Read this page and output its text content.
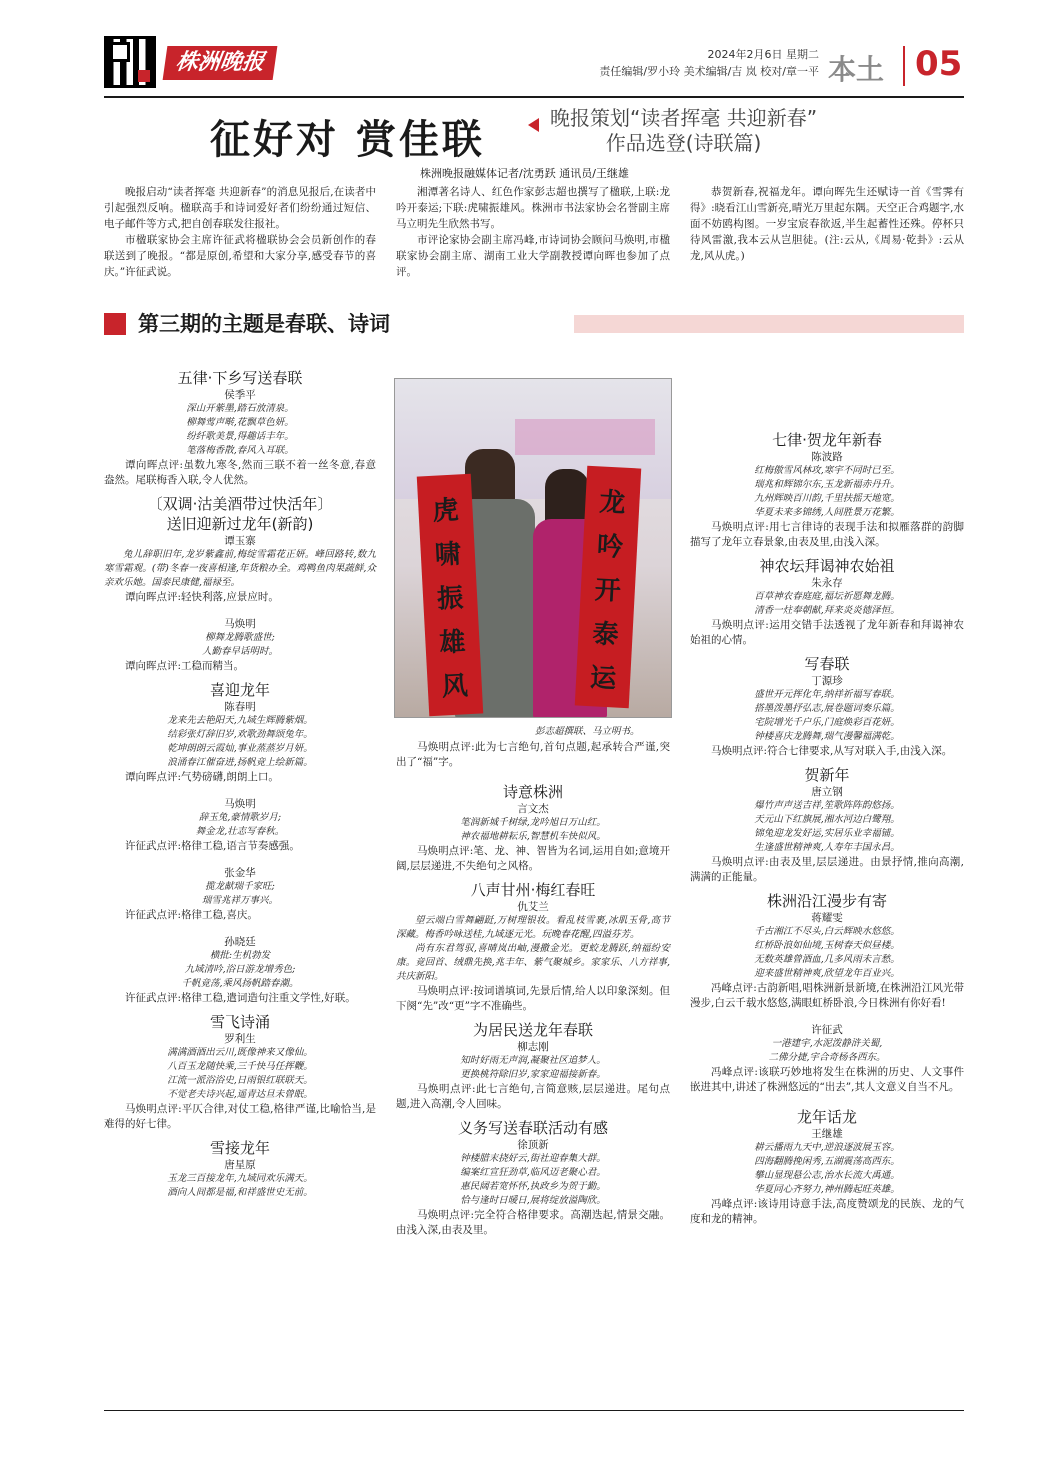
株洲晚报	2024年2月6日 星期二
责任编辑/罗小玲 美术编辑/吉 岚 校对/章一平 本土 05
征好对 赏佳联	晚报策划“读者挥毫 共迎新春”
作品选登(诗联篇)
株洲晚报融媒体记者/沈勇跃 通讯员/王继雄

晚报启动“读者挥毫 共迎新春”的消息见报后,在读者中引起强烈反响。楹联高手和诗词爱好者们纷纷通过短信、电子邮件等方式,把自创春联发往报社。

市楹联家协会主席许征武将楹联协会会员新创作的春联送到了晚报。“都是原创,希望和大家分享,感受春节的喜庆。”许征武说。

湘潭著名诗人、红色作家彭志超也撰写了楹联,上联:龙吟开泰运;下联:虎啸振雄风。株洲市书法家协会名誉副主席马立明先生欣然书写。

市评论家协会副主席冯峰,市诗词协会顾问马焕明,市楹联家协会副主席、湖南工业大学副教授谭向晖也参加了点评。

恭贺新春,祝福龙年。谭向晖先生还赋诗一首《雪霁有得》:晓看江山雪新亮,晴光万里起东隅。天空正合鸡题字,水面不妨鸥构图。一岁宝宸春欲返,半生起蓄性还殊。停杯只待风雷激,我本云从岂胆徒。(注:云从,《周易·乾卦》:云从龙,风从虎。)

第三期的主题是春联、诗词
五律·下乡写送春联
侯季平
深山开紫墨,踏石放清泉。
柳舞莺声啭,花飘草色妍。
纷纤歌美景,得趣话丰年。
笔落梅香散,春风入耳联。
谭向晖点评:虽数九寒冬,然而三联不着一丝冬意,春意盎然。尾联梅香入联,令人优然。
〔双调·沽美酒带过快活年〕
送旧迎新过龙年(新韵)
谭玉寨
兔儿辞职旧年,龙岁紫鑫前,梅绽雪霜花正妍。峰回路转,数九寒雪霜观。(带)冬春一夜喜相逢,年货粮办全。鸡鸭鱼肉果蔬鲜,众亲欢乐她。国泰民康健,福禄至。
谭向晖点评:轻快利落,应景应时。
马焕明
柳舞龙腾歌盛世;
人勤春早话明时。
谭向晖点评:工稳而精当。
喜迎龙年
陈春明
龙来先去艳阳天,九域生辉腾紫烟。
结彩张灯辞旧岁,欢歌劲舞颂兔年。
乾坤朗朗云霞灿,事业蒸蒸岁月妍。
浪涌春江催奋进,扬帆竞上绘新篇。
谭向晖点评:气势磅礴,朗朗上口。
马焕明
辞玉兔,豪情歌岁月;
舞金龙,壮志写春秋。
许征武点评:格律工稳,语言节奏感强。
张金华
揽龙献瑞千家旺;
瑞雪兆祥万事兴。
许征武点评:格律工稳,喜庆。
孙晓廷
横批:生机勃发
九域清吟,浴日游龙增秀色;
千帆竞荡,乘风扬帆踏春潮。
许征武点评:格律工稳,遣词造句注重文学性,好联。
雪飞诗涌
罗利生
满满酒酒出云川,既像神来又像仙。
八百玉龙随快乘,三千快马任挥鞭。
江流一派浴浴史,日雨银红联联天。
不觉老夫诗兴起,遥青达旦未曾眠。
马焕明点评:平仄合律,对仗工稳,格律严谨,比喻恰当,是难得的好七律。
雪接龙年
唐星原
玉龙三百接龙年,九域同欢乐满天。
酒向人间都是福,和祥盛世史无前。
虎
啸
振
雄
风
龙
吟
开
泰
运
彭志超撰联、马立明书。
马焕明点评:此为七言绝句,首句点题,起承转合严谨,突出了“福”字。
诗意株洲
言文杰
笔润新城千树绿,龙吟旭日万山红。
神农福地耕耘乐,智慧机车快似风。
马焕明点评:笔、龙、神、智皆为名词,运用自如;意境开阔,层层递进,不失绝句之风格。
八声甘州·梅红春旺
仇艾兰
望云端白雪舞翩跹,万树理银妆。看乱枝雪裹,冰肌玉骨,高节深藏。梅香吟咏送桂,九域逐元光。玩晚春花醒,四溢芬芳。
尚有东君驾驭,喜晴岚出岫,漫撒金光。更蛟龙腾跃,纳福纷安康。竞回首、绒鼎先换,兆丰年、紫气聚城乡。家家乐、八方祥事,共庆新阳。
马焕明点评:按词谱填词,先景后情,给人以印象深刻。但下阕“先”改“更”字不准确些。
为居民送龙年春联
柳志刚
知时好雨无声润,凝聚社区追梦人。
更换桃符除旧岁,家家迎福接新春。
马焕明点评:此七言绝句,言简意赅,层层递进。尾句点题,进入高潮,令人回味。
义务写送春联活动有感
徐顶新
钟楼腊末挠好云,街社迎春集大群。
编案红宣狂劲草,临风迈老聚心君。
惠民阔若宽怀怀,执政乡为贺于勤。
恰与逢时日暖日,展将绽放溢陶欣。
马焕明点评:完全符合格律要求。高潮迭起,情景交融。由浅入深,由表及里。
七律·贺龙年新春
陈波路
红梅傲雪风林攻,寒宇不同时已至。
瑞兆和辉锦尔东,玉龙新福赤丹升。
九州辉映百川韵,千里扶摇天地宽。
华夏未来多锦绣,人间胜景万花繁。
马焕明点评:用七言律诗的表现手法和拟雁落群的韵脚描写了龙年立春景象,由表及里,由浅入深。
神农坛拜谒神农始祖
朱永存
百草神农春庭庭,福坛祈愿舞龙腾。
清香一炷奉朝献,拜来炎炎德泽恒。
马焕明点评:运用交错手法透视了龙年新春和拜谒神农始祖的心情。
写春联
丁源珍
盛世开元挥化年,纳祥祈福写春联。
搭墨泼墨抒弘志,展卷题词奏乐篇。
宅院增光千户乐,门庭焕彩百花妍。
钟楼喜庆龙腾舞,瑞气漫馨福满乾。
马焕明点评:符合七律要求,从写对联入手,由浅入深。
贺新年
唐立钢
爆竹声声送吉祥,笙歌阵阵韵悠扬。
天元山下红旗展,湘水河边白鹭翔。
锦兔迎龙发好运,实居乐业幸福铺。
生逢盛世精神爽,人寿年丰国永昌。
马焕明点评:由表及里,层层递进。由景抒情,推向高潮,满满的正能量。
株洲沿江漫步有寄
蒋耀雯
千古湘江不尽头,白云辉映水悠悠。
红桥卧浪如仙境,玉树春天似昼楼。
无数英雄曾酒血,几多风雨未言愁。
迎来盛世精神爽,欣望龙年百业兴。
冯峰点评:古韵新唱,唱株洲新景新境,在株洲沿江风光带漫步,白云千载水悠悠,满眼虹桥卧浪,今日株洲有你好看!
许征武
一港建宇,水泥泼静浒关蜀,
二佛分捷,宇合奇杨各西东。
冯峰点评:该联巧妙地将发生在株洲的历史、人文事件嵌进其中,讲述了株洲悠远的“出去”,其人文意义自当不凡。
龙年话龙
王继雄
耕云播雨九天中,逆浪逐波展玉容。
四海翻腾挽闲秀,五湖震荡高西东。
攀山显现悬公志,治水长流大禹通。
华夏同心齐努力,神州腾起旺英雄。
冯峰点评:该诗用诗意手法,高度赞颂龙的民族、龙的气度和龙的精神。
